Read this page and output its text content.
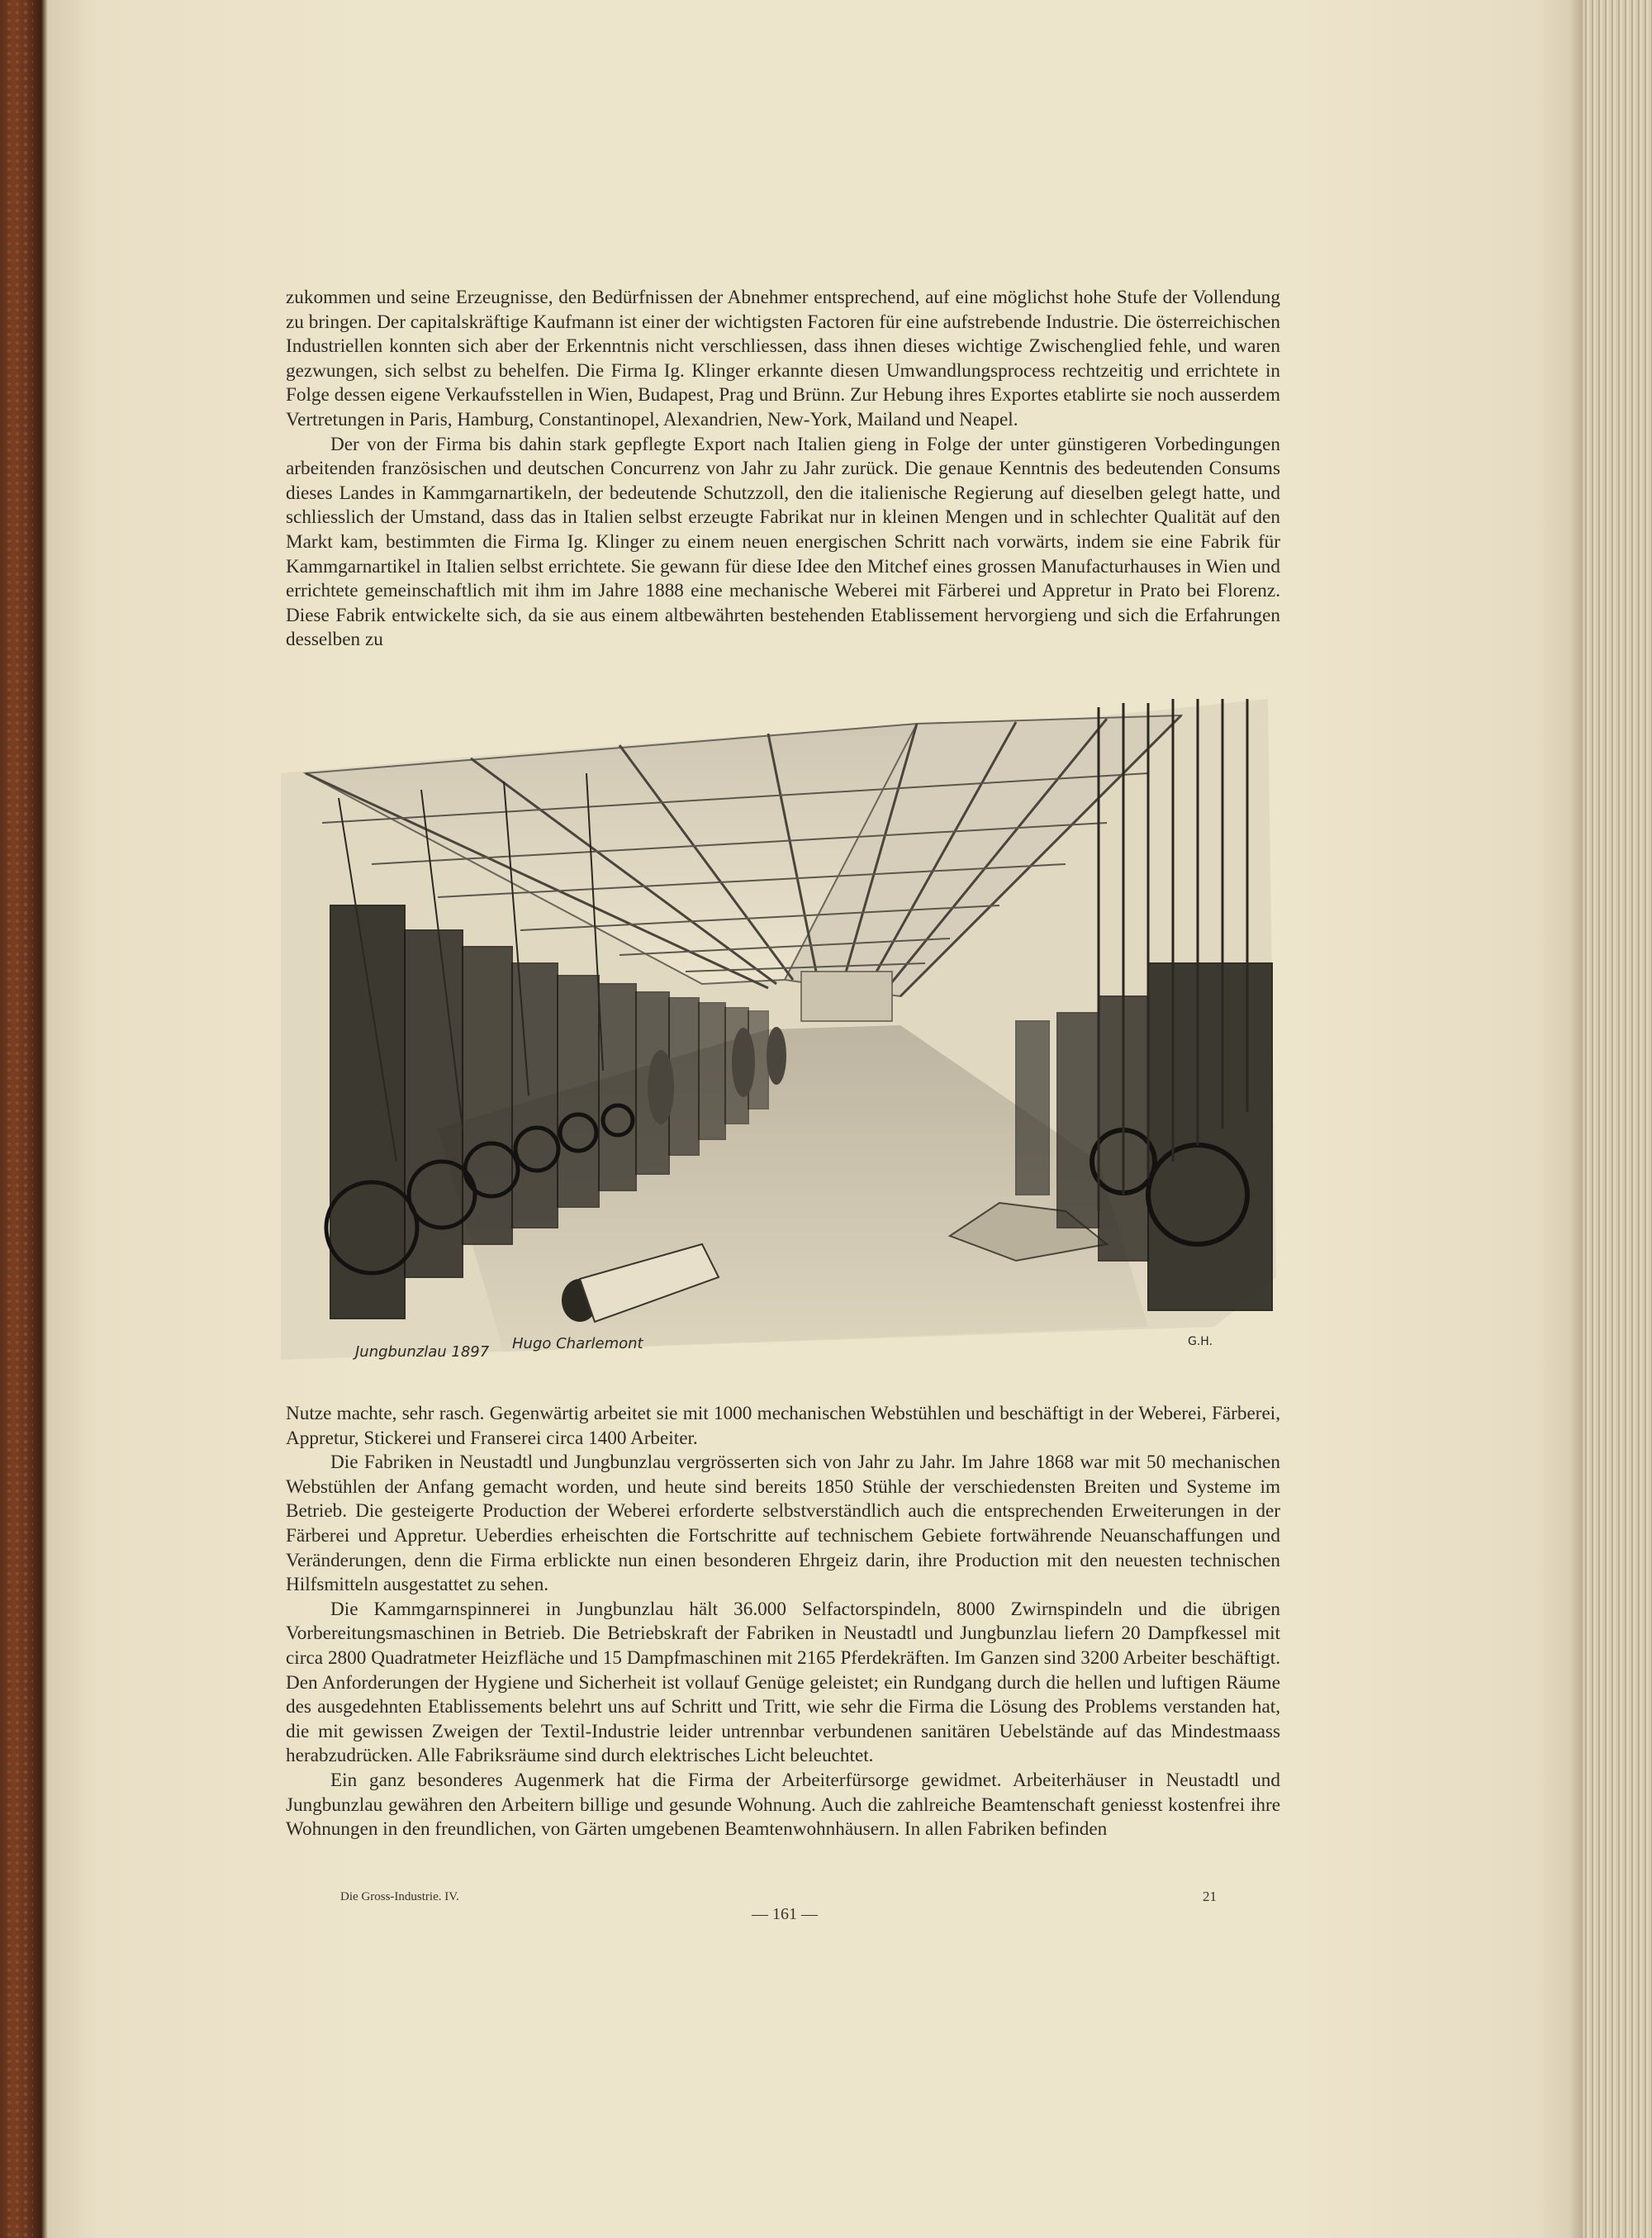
zukommen und seine Erzeugnisse, den Bedürfnissen der Abnehmer entsprechend, auf eine möglichst hohe Stufe der Vollendung zu bringen. Der capitalskräftige Kaufmann ist einer der wichtigsten Factoren für eine aufstrebende Industrie. Die österreichischen Industriellen konnten sich aber der Erkenntnis nicht verschliessen, dass ihnen dieses wichtige Zwischenglied fehle, und waren gezwungen, sich selbst zu behelfen. Die Firma Ig. Klinger erkannte diesen Umwandlungsprocess rechtzeitig und errichtete in Folge dessen eigene Verkaufsstellen in Wien, Budapest, Prag und Brünn. Zur Hebung ihres Exportes etablirte sie noch ausserdem Vertretungen in Paris, Hamburg, Constantinopel, Alexandrien, New-York, Mailand und Neapel.

Der von der Firma bis dahin stark gepflegte Export nach Italien gieng in Folge der unter günstigeren Vorbedingungen arbeitenden französischen und deutschen Concurrenz von Jahr zu Jahr zurück. Die genaue Kenntnis des bedeutenden Consums dieses Landes in Kammgarnartikeln, der bedeutende Schutzzoll, den die italienische Regierung auf dieselben gelegt hatte, und schliesslich der Umstand, dass das in Italien selbst erzeugte Fabrikat nur in kleinen Mengen und in schlechter Qualität auf den Markt kam, bestimmten die Firma Ig. Klinger zu einem neuen energischen Schritt nach vorwärts, indem sie eine Fabrik für Kammgarnartikel in Italien selbst errichtete. Sie gewann für diese Idee den Mitchef eines grossen Manufacturhauses in Wien und errichtete gemeinschaftlich mit ihm im Jahre 1888 eine mechanische Weberei mit Färberei und Appretur in Prato bei Florenz. Diese Fabrik entwickelte sich, da sie aus einem altbewährten bestehenden Etablissement hervorgieng und sich die Erfahrungen desselben zu

Jungbunzlau 1897 Hugo Charlemont	G.H.

Nutze machte, sehr rasch. Gegenwärtig arbeitet sie mit 1000 mechanischen Webstühlen und beschäftigt in der Weberei, Färberei, Appretur, Stickerei und Franserei circa 1400 Arbeiter.

Die Fabriken in Neustadtl und Jungbunzlau vergrösserten sich von Jahr zu Jahr. Im Jahre 1868 war mit 50 mechanischen Webstühlen der Anfang gemacht worden, und heute sind bereits 1850 Stühle der verschiedensten Breiten und Systeme im Betrieb. Die gesteigerte Production der Weberei erforderte selbstverständlich auch die entsprechenden Erweiterungen in der Färberei und Appretur. Ueberdies erheischten die Fortschritte auf technischem Gebiete fortwährende Neuanschaffungen und Veränderungen, denn die Firma erblickte nun einen besonderen Ehrgeiz darin, ihre Production mit den neuesten technischen Hilfsmitteln ausgestattet zu sehen.

Die Kammgarnspinnerei in Jungbunzlau hält 36.000 Selfactorspindeln, 8000 Zwirnspindeln und die übrigen Vorbereitungsmaschinen in Betrieb. Die Betriebskraft der Fabriken in Neustadtl und Jungbunzlau liefern 20 Dampfkessel mit circa 2800 Quadratmeter Heizfläche und 15 Dampfmaschinen mit 2165 Pferdekräften. Im Ganzen sind 3200 Arbeiter beschäftigt. Den Anforderungen der Hygiene und Sicherheit ist vollauf Genüge geleistet; ein Rundgang durch die hellen und luftigen Räume des ausgedehnten Etablissements belehrt uns auf Schritt und Tritt, wie sehr die Firma die Lösung des Problems verstanden hat, die mit gewissen Zweigen der Textil-Industrie leider untrennbar verbundenen sanitären Uebelstände auf das Mindestmaass herabzudrücken. Alle Fabriksräume sind durch elektrisches Licht beleuchtet.

Ein ganz besonderes Augenmerk hat die Firma der Arbeiterfürsorge gewidmet. Arbeiterhäuser in Neustadtl und Jungbunzlau gewähren den Arbeitern billige und gesunde Wohnung. Auch die zahlreiche Beamtenschaft geniesst kostenfrei ihre Wohnungen in den freundlichen, von Gärten umgebenen Beamtenwohnhäusern. In allen Fabriken befinden

Die Gross-Industrie. IV.	21
— 161 —
